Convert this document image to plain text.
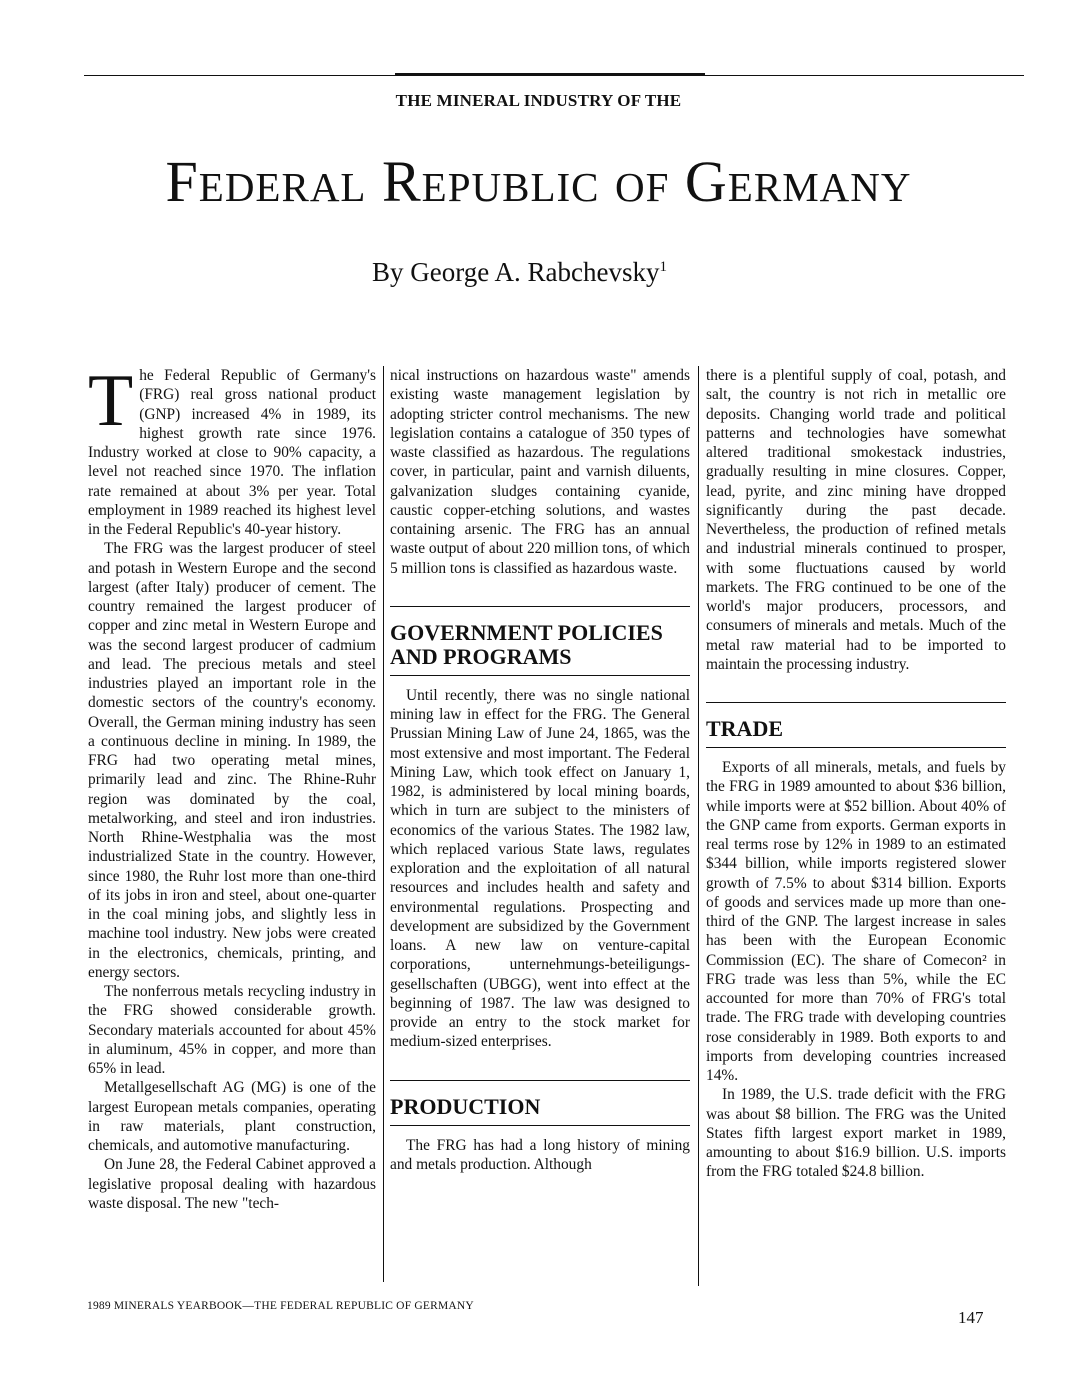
THE MINERAL INDUSTRY OF THE
Federal Republic of Germany
By George A. Rabchevsky$^1$

The Federal Republic of Germany's (FRG) real gross national product (GNP) increased 4% in 1989, its highest growth rate since 1976. Industry worked at close to 90% capacity, a level not reached since 1970. The inflation rate remained at about 3% per year. Total employment in 1989 reached its highest level in the Federal Republic's 40-year history.

The FRG was the largest producer of steel and potash in Western Europe and the second largest (after Italy) producer of cement. The country remained the largest producer of copper and zinc metal in Western Europe and was the second largest producer of cadmium and lead. The precious metals and steel industries played an important role in the domestic sectors of the country's economy. Overall, the German mining industry has seen a continuous decline in mining. In 1989, the FRG had two operating metal mines, primarily lead and zinc. The Rhine-Ruhr region was dominated by the coal, metalworking, and steel and iron industries. North Rhine-Westphalia was the most industrialized State in the country. However, since 1980, the Ruhr lost more than one-third of its jobs in iron and steel, about one-quarter in the coal mining jobs, and slightly less in machine tool industry. New jobs were created in the electronics, chemicals, printing, and energy sectors.

The nonferrous metals recycling industry in the FRG showed considerable growth. Secondary materials accounted for about 45% in aluminum, 45% in copper, and more than 65% in lead.

Metallgesellschaft AG (MG) is one of the largest European metals companies, operating in raw materials, plant construction, chemicals, and automotive manufacturing.

On June 28, the Federal Cabinet approved a legislative proposal dealing with hazardous waste disposal. The new "tech-

nical instructions on hazardous waste" amends existing waste management legislation by adopting stricter control mechanisms. The new legislation contains a catalogue of 350 types of waste classified as hazardous. The regulations cover, in particular, paint and varnish diluents, galvanization sludges containing cyanide, caustic copper-etching solutions, and wastes containing arsenic. The FRG has an annual waste output of about 220 million tons, of which 5 million tons is classified as hazardous waste.

GOVERNMENT POLICIES AND PROGRAMS

Until recently, there was no single national mining law in effect for the FRG. The General Prussian Mining Law of June 24, 1865, was the most extensive and most important. The Federal Mining Law, which took effect on January 1, 1982, is administered by local mining boards, which in turn are subject to the ministers of economics of the various States. The 1982 law, which replaced various State laws, regulates exploration and the exploitation of all natural resources and includes health and safety and environmental regulations. Prospecting and development are subsidized by the Government loans. A new law on venture-capital corporations, unternehmungs-beteiligungs- gesellschaften (UBGG), went into effect at the beginning of 1987. The law was designed to provide an entry to the stock market for medium-sized enterprises.

PRODUCTION

The FRG has had a long history of mining and metals production. Although

there is a plentiful supply of coal, potash, and salt, the country is not rich in metallic ore deposits. Changing world trade and political patterns and technologies have somewhat altered traditional smokestack industries, gradually resulting in mine closures. Copper, lead, pyrite, and zinc mining have dropped significantly during the past decade. Nevertheless, the production of refined metals and industrial minerals continued to prosper, with some fluctuations caused by world markets. The FRG continued to be one of the world's major producers, processors, and consumers of minerals and metals. Much of the metal raw material had to be imported to maintain the processing industry.

TRADE

Exports of all minerals, metals, and fuels by the FRG in 1989 amounted to about $36 billion, while imports were at $52 billion. About 40% of the GNP came from exports. German exports in real terms rose by 12% in 1989 to an estimated $344 billion, while imports registered slower growth of 7.5% to about $314 billion. Exports of goods and services made up more than one-third of the GNP. The largest increase in sales has been with the European Economic Commission (EC). The share of Comecon² in FRG trade was less than 5%, while the EC accounted for more than 70% of FRG's total trade. The FRG trade with developing countries rose considerably in 1989. Both exports to and imports from developing countries increased 14%.

In 1989, the U.S. trade deficit with the FRG was about $8 billion. The FRG was the United States fifth largest export market in 1989, amounting to about $16.9 billion. U.S. imports from the FRG totaled $24.8 billion.

1989 MINERALS YEARBOOK—THE FEDERAL REPUBLIC OF GERMANY
147
